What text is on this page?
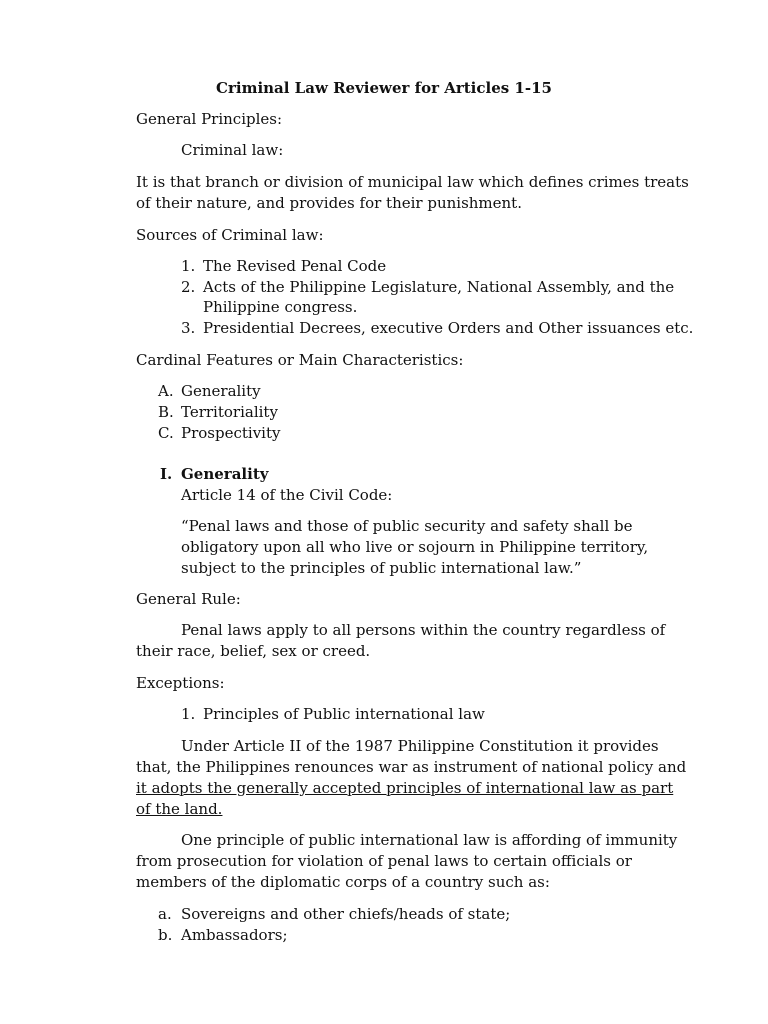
Criminal Law Reviewer for Articles 1-15

General Principles:

Criminal law:

It is that branch or division of municipal law which defines crimes treats

of their nature, and provides for their punishment.

Sources of Criminal law:

1. The Revised Penal Code
2. Acts of the Philippine Legislature, National Assembly, and the
Philippine congress.
3. Presidential Decrees, executive Orders and Other issuances etc.

Cardinal Features or Main Characteristics:

A. Generality
B. Territoriality
C. Prospectivity
I. Generality

Article 14 of the Civil Code:

“Penal laws and those of public security and safety shall be

obligatory upon all who live or sojourn in Philippine territory,

subject to the principles of public international law.”

General Rule:

Penal laws apply to all persons within the country regardless of

their race, belief, sex or creed.

Exceptions:

1. Principles of Public international law

Under Article II of the 1987 Philippine Constitution it provides

that, the Philippines renounces war as instrument of national policy and

it adopts the generally accepted principles of international law as part

of the land.

One principle of public international law is affording of immunity

from prosecution for violation of penal laws to certain officials or

members of the diplomatic corps of a country such as:

a. Sovereigns and other chiefs/heads of state;
b. Ambassadors;
